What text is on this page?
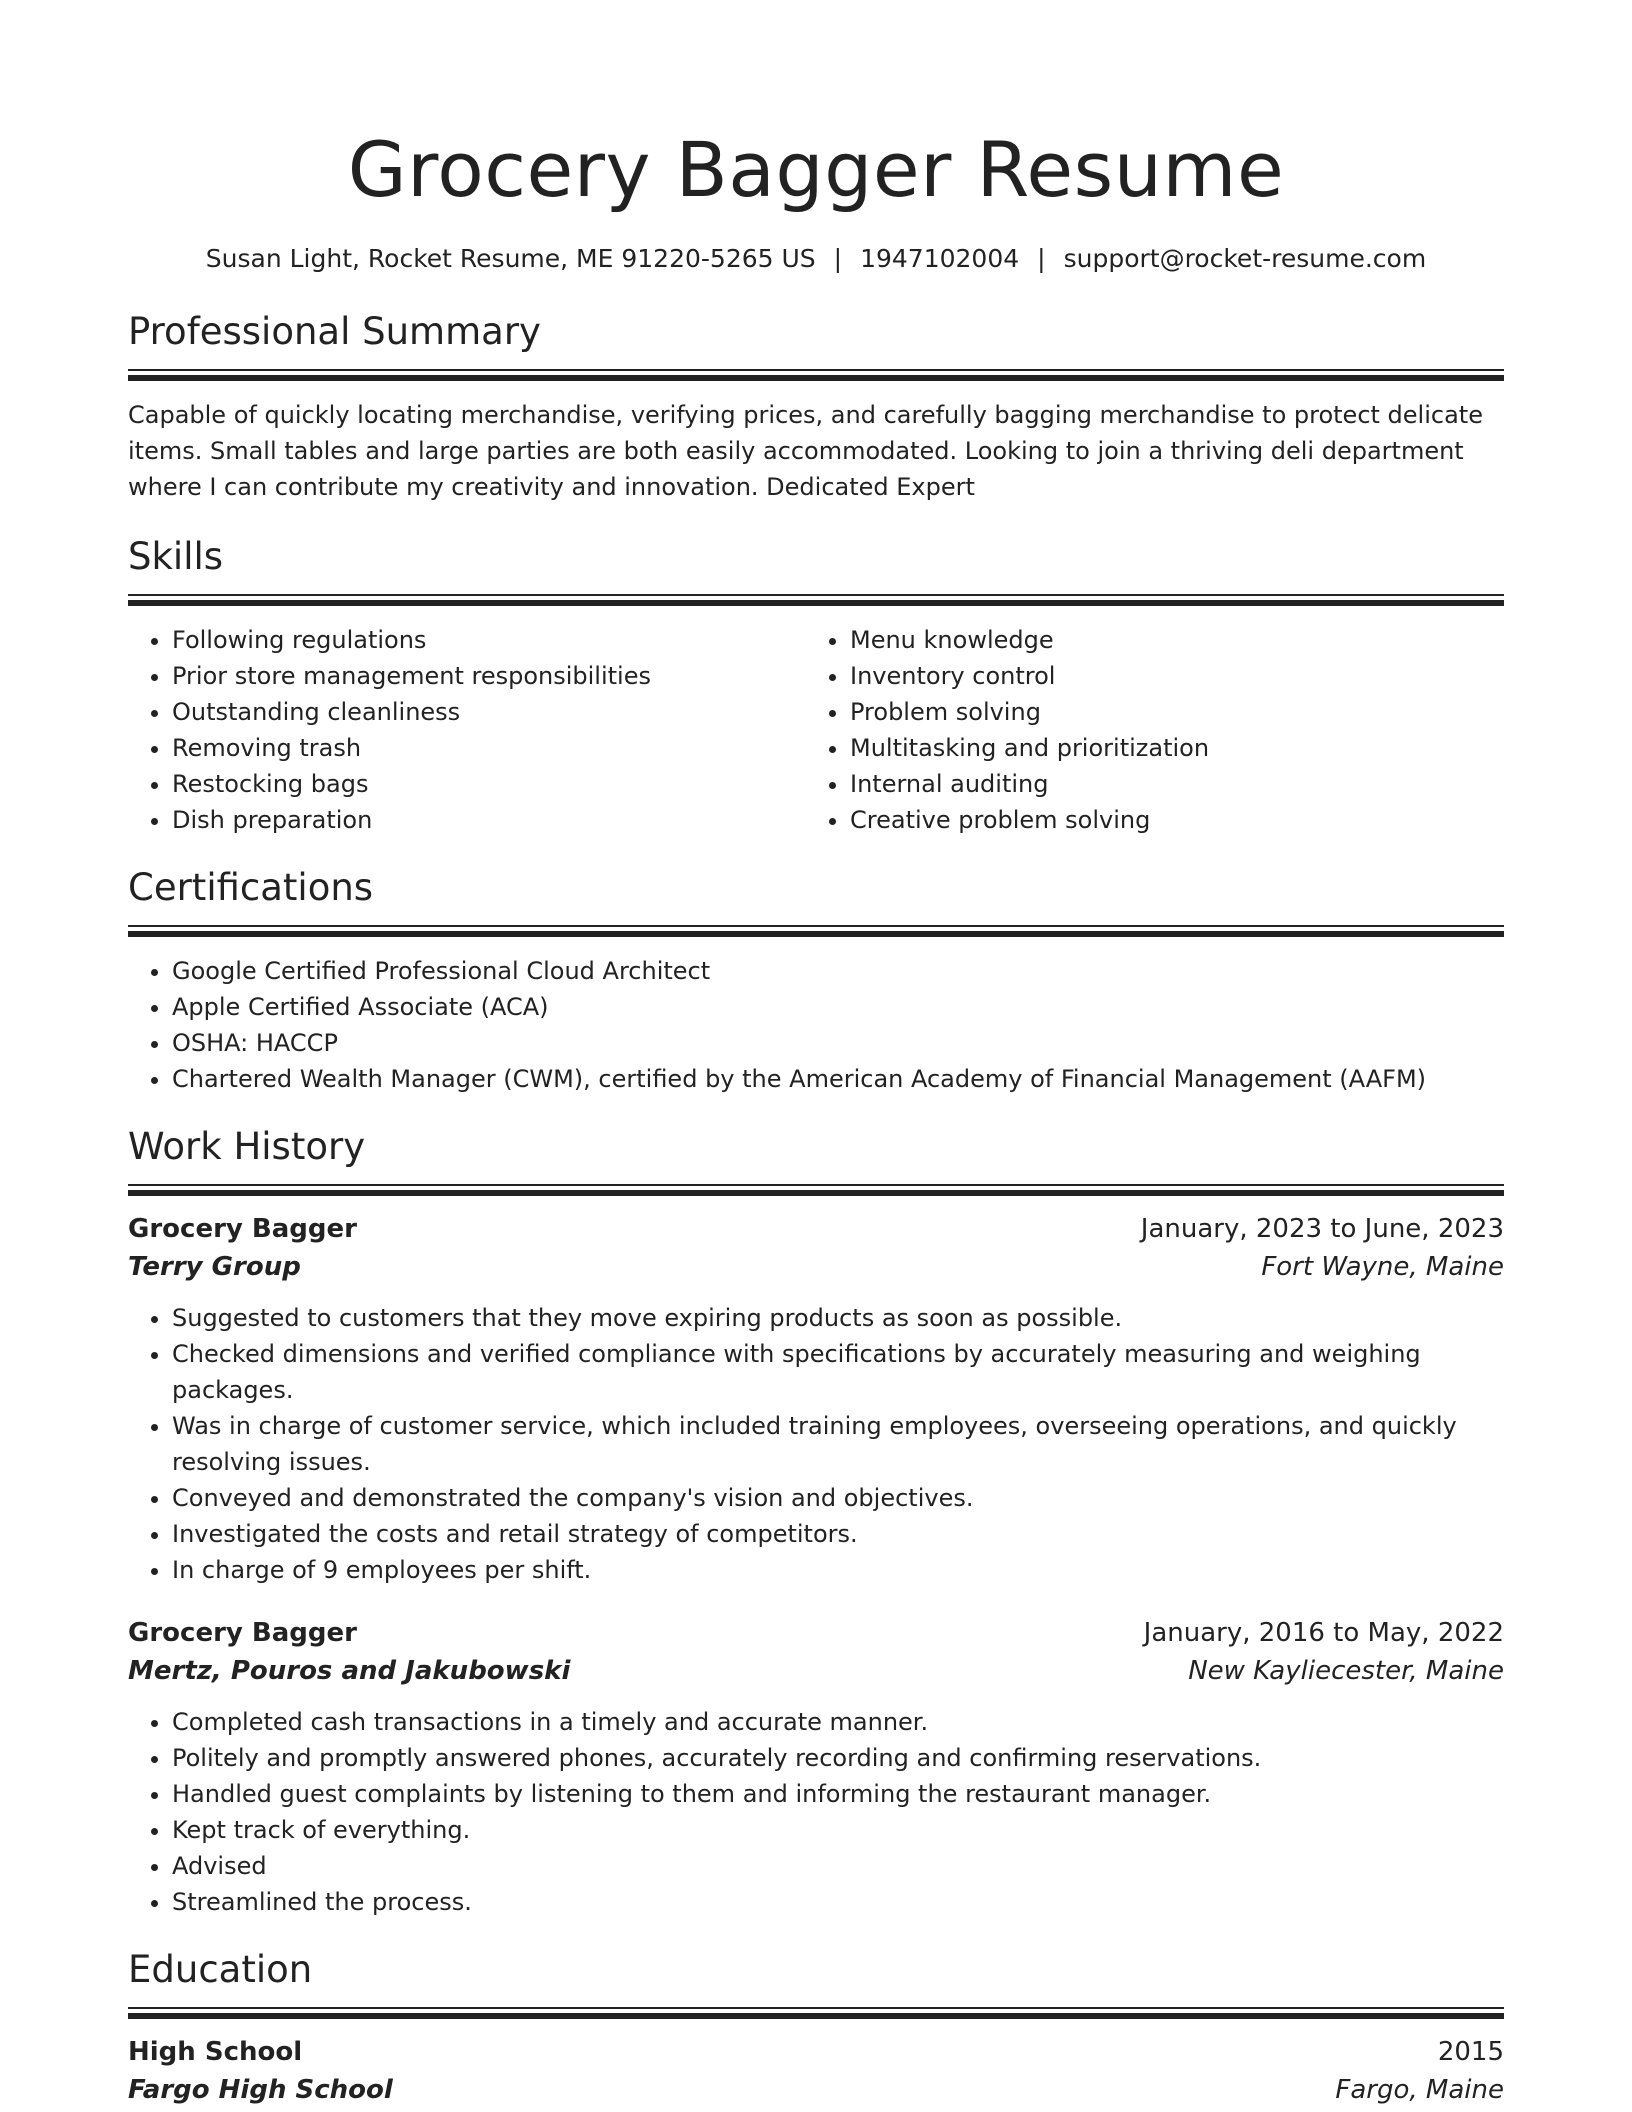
Grocery Bagger Resume
Susan Light, Rocket Resume, ME 91220-5265 US | 1947102004 | support@rocket-resume.com
Professional Summary
Capable of quickly locating merchandise, verifying prices, and carefully bagging merchandise to protect delicate items. Small tables and large parties are both easily accommodated. Looking to join a thriving deli department where I can contribute my creativity and innovation. Dedicated Expert
Skills
• Following regulations
• Prior store management responsibilities
• Outstanding cleanliness
• Removing trash
• Restocking bags
• Dish preparation
• Menu knowledge
• Inventory control
• Problem solving
• Multitasking and prioritization
• Internal auditing
• Creative problem solving
Certifications
• Google Certified Professional Cloud Architect
• Apple Certified Associate (ACA)
• OSHA: HACCP
• Chartered Wealth Manager (CWM), certified by the American Academy of Financial Management (AAFM)
Work History
Grocery Bagger	January, 2023 to June, 2023
Terry Group	Fort Wayne, Maine
• Suggested to customers that they move expiring products as soon as possible.
• Checked dimensions and verified compliance with specifications by accurately measuring and weighing packages.
• Was in charge of customer service, which included training employees, overseeing operations, and quickly resolving issues.
• Conveyed and demonstrated the company's vision and objectives.
• Investigated the costs and retail strategy of competitors.
• In charge of 9 employees per shift.
Grocery Bagger	January, 2016 to May, 2022
Mertz, Pouros and Jakubowski	New Kayliecester, Maine
• Completed cash transactions in a timely and accurate manner.
• Politely and promptly answered phones, accurately recording and confirming reservations.
• Handled guest complaints by listening to them and informing the restaurant manager.
• Kept track of everything.
• Advised
• Streamlined the process.
Education
High School	2015
Fargo High School	Fargo, Maine
